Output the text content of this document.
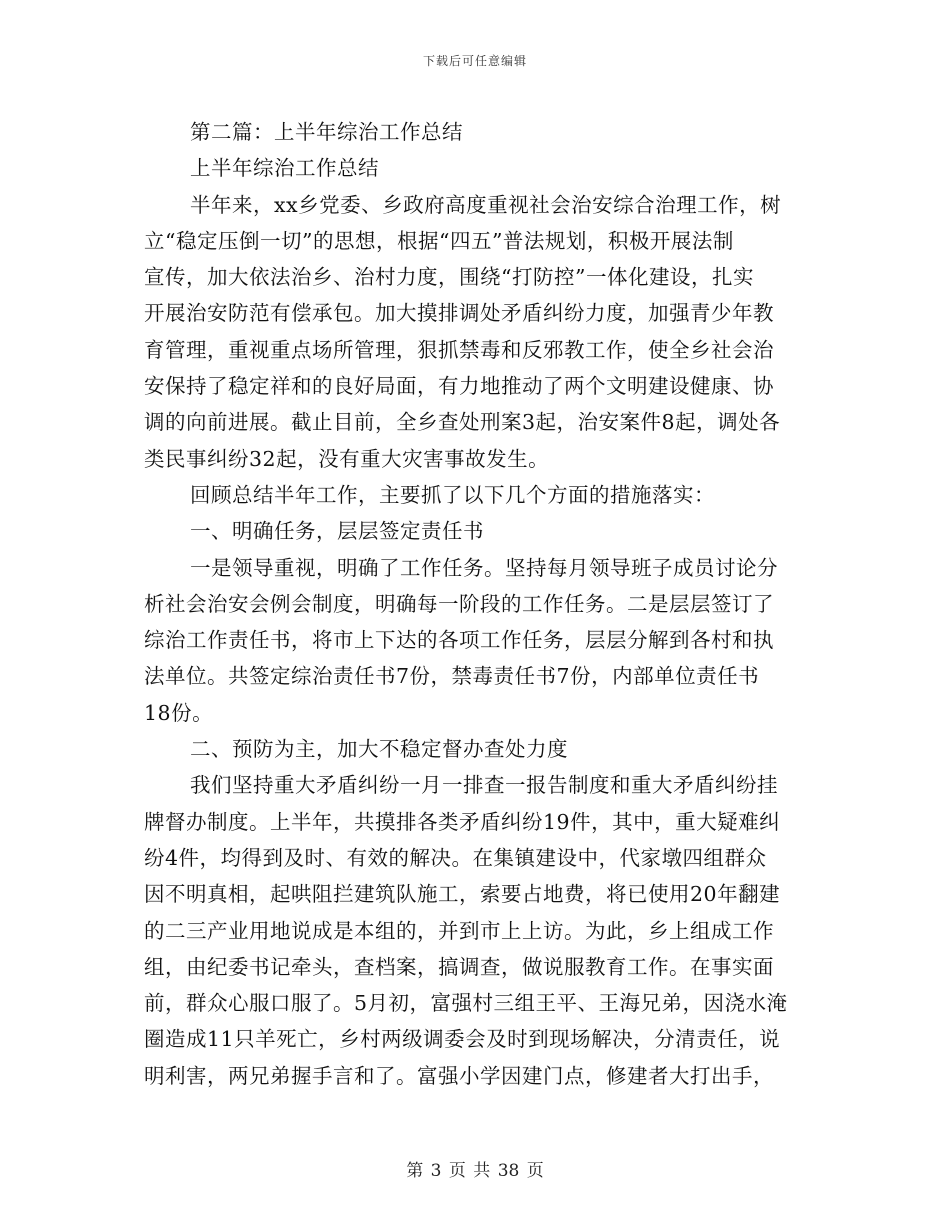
下载后可任意编辑
第二篇：上半年综治工作总结
上半年综治工作总结
半年来，xx乡党委、乡政府高度重视社会治安综合治理工作，树
立“稳定压倒一切”的思想，根据“四五”普法规划，积极开展法制
宣传，加大依法治乡、治村力度，围绕“打防控”一体化建设，扎实
开展治安防范有偿承包。加大摸排调处矛盾纠纷力度，加强青少年教
育管理，重视重点场所管理，狠抓禁毒和反邪教工作，使全乡社会治
安保持了稳定祥和的良好局面，有力地推动了两个文明建设健康、协
调的向前进展。截止目前，全乡查处刑案3起，治安案件8起，调处各
类民事纠纷32起，没有重大灾害事故发生。
回顾总结半年工作，主要抓了以下几个方面的措施落实：
一、明确任务，层层签定责任书
一是领导重视，明确了工作任务。坚持每月领导班子成员讨论分
析社会治安会例会制度，明确每一阶段的工作任务。二是层层签订了
综治工作责任书，将市上下达的各项工作任务，层层分解到各村和执
法单位。共签定综治责任书7份，禁毒责任书7份，内部单位责任书
18份。
二、预防为主，加大不稳定督办查处力度
我们坚持重大矛盾纠纷一月一排查一报告制度和重大矛盾纠纷挂
牌督办制度。上半年，共摸排各类矛盾纠纷19件，其中，重大疑难纠
纷4件，均得到及时、有效的解决。在集镇建设中，代家墩四组群众
因不明真相，起哄阻拦建筑队施工，索要占地费，将已使用20年翻建
的二三产业用地说成是本组的，并到市上上访。为此，乡上组成工作
组，由纪委书记牵头，查档案，搞调查，做说服教育工作。在事实面
前，群众心服口服了。5月初，富强村三组王平、王海兄弟，因浇水淹
圈造成11只羊死亡，乡村两级调委会及时到现场解决，分清责任，说
明利害，两兄弟握手言和了。富强小学因建门点，修建者大打出手，
第 3 页 共 38 页
